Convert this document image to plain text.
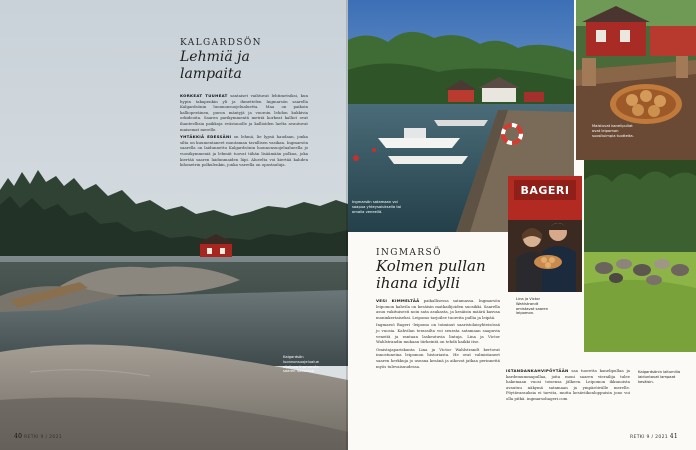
KALGARDSÖN
Lehmiä ja lampaita

KORKEAT TUUHEAT santaiset vaihtuvat lehtimetsiksi, kun hypin takapenkin yli ja ihmettelen Ingmarsön saarella Kalgardsönin luonnonsuojelualuetta. Maa on paikoin kallioperäinen, puron mäntyjä ja vuoroin lehdon kukkivia orkideoita. Saaren parikymmentä metriä korkeat kalliot ovat ihanteellisia paikkoja evästauolle ja kallioiden laelta avautuvat maisemat merelle.

YHTÄKKIÄ EDESSÄNI on lehmä, lie lypsä haudaan, jonka silta on kuumentaneet muutaman tavallisen vasikan. Ingmarsön saarella on laidunnettu Kalgardsönin luonnonsuojelualueella jo vuosikymmeniä ja lehmät tuovat tähän lisäämään polkua, joka kiertää saaren laidunmaiden läpi. Alueelta voi kiertää kahden kilometrin polkulenkin, jonka varrella on opastauluja.

Kalgardsön luonnonsuojelualue sijaitsee Ingmarsön saaren itäosassa.
40 RETKI 9 / 2021
Ingmarsön satamaan voi saapua yhteysaluksella tai omalla veneellä.
Maistuvat kanelipullat ovat leipomon suosituimpia tuotteita.
BAGERI
Lina ja Victor Wahlstrandt omistavat saaren leipomon.
Kalgardsönin laitumilla laiduntavat lampaat kesäisin.
INGMARSÖ
Kolmen pullan
ihana idylli

VESI KIMMELTÄÄ paikallisessa satamassa. Ingmarsön leipomon kahvila on kesäisin matkailijoiden suosikki. Saarella asuu vakituisesti noin sata asukasta, ja kesäisin määrä kasvaa moninkertaiseksi. Leipomo tarjoilee tuoreita pullia ja leipää.

Ingmarsö Bageri -leipomo on toiminut saaristolaisyhteisössä jo vuosia. Kahvilan terassilta voi seurata satamaan saapuvia veneitä ja rantaan laskeutuvia lintuja. Lina ja Victor Wahlstrandin mukaan tärkeintä on tehdä kaikki itse.

Omistajapariskunta Lina ja Victor Wahlstrandt kertovat innostuneina leipomon historiasta. He ovat valmistaneet saaren herkkuja jo useana kesänä ja aikovat jatkaa perinnettä myös tulevaisuudessa.

ISTANDANKAHVIPÖYTÄÄN saa tuoretta kanelipullaa ja kardemummapullaa, joita moni saaren vierailija tulee hakemaan vuosi toisensa jälkeen. Leipomon ikkunoista avautuu näkymä satamaan ja ympäröivälle merelle. Pöytävarauksia ei tarvita, mutta kesäviikonloppuisin jono voi olla pitkä. ingmarsobageri.com

RETKI 9 / 2021 41
